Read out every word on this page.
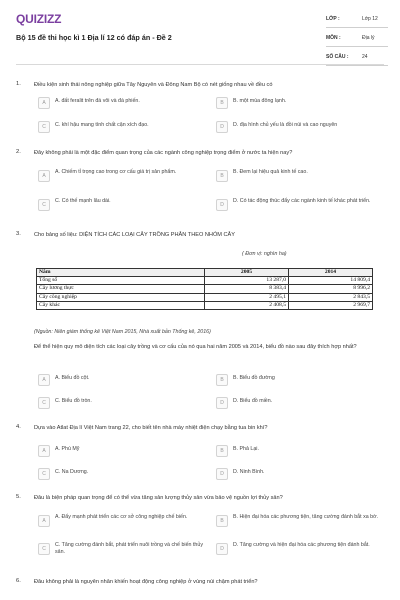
QUIZIZZ
Bộ 15 đề thi học kì 1 Địa lí 12 có đáp án - Đề 2
LỚP :	Lớp 12
MÔN :	Địa lý
SỐ CÂU :	24
1. Điều kiện sinh thái nông nghiệp giữa Tây Nguyên và Đông Nam Bộ có nét giống nhau về đều có
A	A. đất feralit trên đá vôi và đá phiến.	B	B. một mùa đông lạnh.
C	C. khí hậu mang tính chất cận xích đạo.	D	D. địa hình chủ yếu là đồi núi và cao nguyên
2. Đây không phải là một đặc điểm quan trọng của các ngành công nghiệp trọng điểm ở nước ta hiện nay?
A
A. Chiếm tỉ trọng cao trong cơ cấu giá trị sản phẩm.
B
B. Đem lại hiệu quả kinh tế cao.
C
C. Có thế mạnh lâu dài.
D
D. Có tác động thúc đẩy các ngành kinh tế khác phát triển.
3. Cho bảng số liệu: DIỆN TÍCH CÁC LOẠI CÂY TRỒNG PHÂN THEO NHÓM CÂY
( Đơn vị: nghìn ha)
Năm	2005	2014
Tổng số	13 287,0	14 809,4
Cây lương thực	8 383,4	8 996,2
Cây công nghiệp	2 495,1	2 843,5
Cây khác	2 408,5	2 969,7
(Nguồn: Niên giám thống kê Việt Nam 2015, Nhà xuất bản Thống kê, 2016)
Để thể hiện quy mô diện tích các loại cây trồng và cơ cấu của nó qua hai năm 2005 và 2014, biểu đồ nào sau đây thích hợp nhất?
A	A. Biểu đồ cột.	B	B. Biểu đồ đường
C	C. Biểu đồ tròn.	D	D. Biểu đồ miền.
4. Dựa vào Atlat Địa lí Việt Nam trang 22, cho biết tên nhà máy nhiệt điện chạy bằng tua bin khí?
A	A. Phú Mỹ	B	B. Phả Lại.
C	C. Na Dương.	D	D. Ninh Bình.
5. Đâu là biện pháp quan trọng để có thể vừa tăng sản lượng thủy sản vừa bảo vệ nguồn lợi thủy sản?
A
A. Đẩy mạnh phát triển các cơ sở công nghiệp chế biến.
B
B. Hiện đại hóa các phương tiện, tăng cường đánh bắt xa bờ.
C
C. Tăng cường đánh bắt, phát triển nuôi trồng và chế biến thủy sản.	D
D. Tăng cường và hiện đại hóa các phương tiện đánh bắt.
6. Đâu không phải là nguyên nhân khiến hoạt động công nghiệp ở vùng núi chậm phát triển?
